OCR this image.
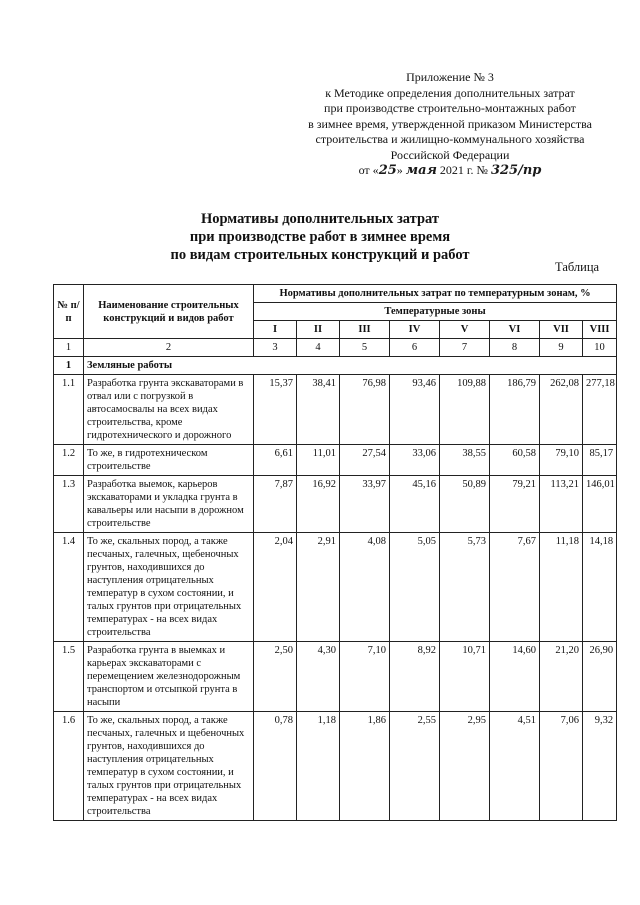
Приложение № 3
к Методике определения дополнительных затрат
при производстве строительно-монтажных работ
в зимнее время, утвержденной приказом Министерства
строительства и жилищно-коммунального хозяйства
Российской Федерации
от «25» мая 2021 г. № 325/пр
Нормативы дополнительных затрат
при производстве работ в зимнее время
по видам строительных конструкций и работ
Таблица
№ п/п	Наименование строительных конструкций и видов работ	Нормативы дополнительных затрат по температурным зонам, %							
		Температурные зоны							
		I	II	III	IV	V	VI	VII	VIII
1	2	3	4	5	6	7	8	9	10
1	Земляные работы								
1.1	Разработка грунта экскаваторами в отвал или с погрузкой в автосамосвалы на всех видах строительства, кроме гидротехнического и дорожного	15,37	38,41	76,98	93,46	109,88	186,79	262,08	277,18
1.2	То же, в гидротехническом строительстве	6,61	11,01	27,54	33,06	38,55	60,58	79,10	85,17
1.3	Разработка выемок, карьеров экскаваторами и укладка грунта в кавальеры или насыпи в дорожном строительстве	7,87	16,92	33,97	45,16	50,89	79,21	113,21	146,01
1.4	То же, скальных пород, а также песчаных, галечных, щебеночных грунтов, находившихся до наступления отрицательных температур в сухом состоянии, и талых грунтов при отрицательных температурах - на всех видах строительства	2,04	2,91	4,08	5,05	5,73	7,67	11,18	14,18
1.5	Разработка грунта в выемках и карьерах экскаваторами с перемещением железнодорожным транспортом и отсыпкой грунта в насыпи	2,50	4,30	7,10	8,92	10,71	14,60	21,20	26,90
1.6	То же, скальных пород, а также песчаных, галечных и щебеночных грунтов, находившихся до наступления отрицательных температур в сухом состоянии, и талых грунтов при отрицательных температурах - на всех видах строительства	0,78	1,18	1,86	2,55	2,95	4,51	7,06	9,32
